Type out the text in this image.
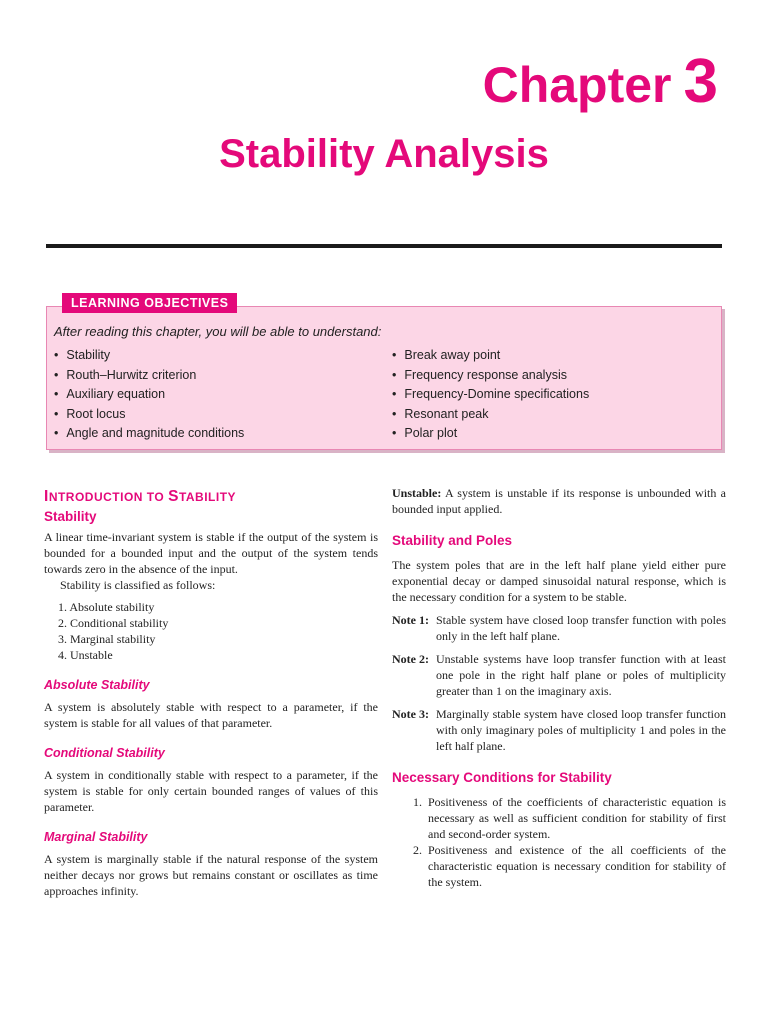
Chapter 3
Stability Analysis
LEARNING OBJECTIVES
After reading this chapter, you will be able to understand:
• Stability
• Routh–Hurwitz criterion
• Auxiliary equation
• Root locus
• Angle and magnitude conditions
• Break away point
• Frequency response analysis
• Frequency-Domine specifications
• Resonant peak
• Polar plot
INTRODUCTION TO STABILITY
Stability

A linear time-invariant system is stable if the output of the system is bounded for a bounded input and the output of the system tends towards zero in the absence of the input.

Stability is classified as follows:

1. Absolute stability
2. Conditional stability
3. Marginal stability
4. Unstable
Absolute Stability

A system is absolutely stable with respect to a parameter, if the system is stable for all values of that parameter.

Conditional Stability

A system in conditionally stable with respect to a parameter, if the system is stable for only certain bounded ranges of values of this parameter.

Marginal Stability

A system is marginally stable if the natural response of the system neither decays nor grows but remains constant or oscillates as time approaches infinity.

Unstable: A system is unstable if its response is unbounded with a bounded input applied.

Stability and Poles

The system poles that are in the left half plane yield either pure exponential decay or damped sinusoidal natural response, which is the necessary condition for a system to be stable.

Note 1: Stable system have closed loop transfer function with poles only in the left half plane.
Note 2: Unstable systems have loop transfer function with at least one pole in the right half plane or poles of multiplicity greater than 1 on the imaginary axis.
Note 3: Marginally stable system have closed loop transfer function with only imaginary poles of multiplicity 1 and poles in the left half plane.
Necessary Conditions for Stability
1. Positiveness of the coefficients of characteristic equation is necessary as well as sufficient condition for stability of first and second-order system.
2. Positiveness and existence of the all coefficients of the characteristic equation is necessary condition for stability of the system.
